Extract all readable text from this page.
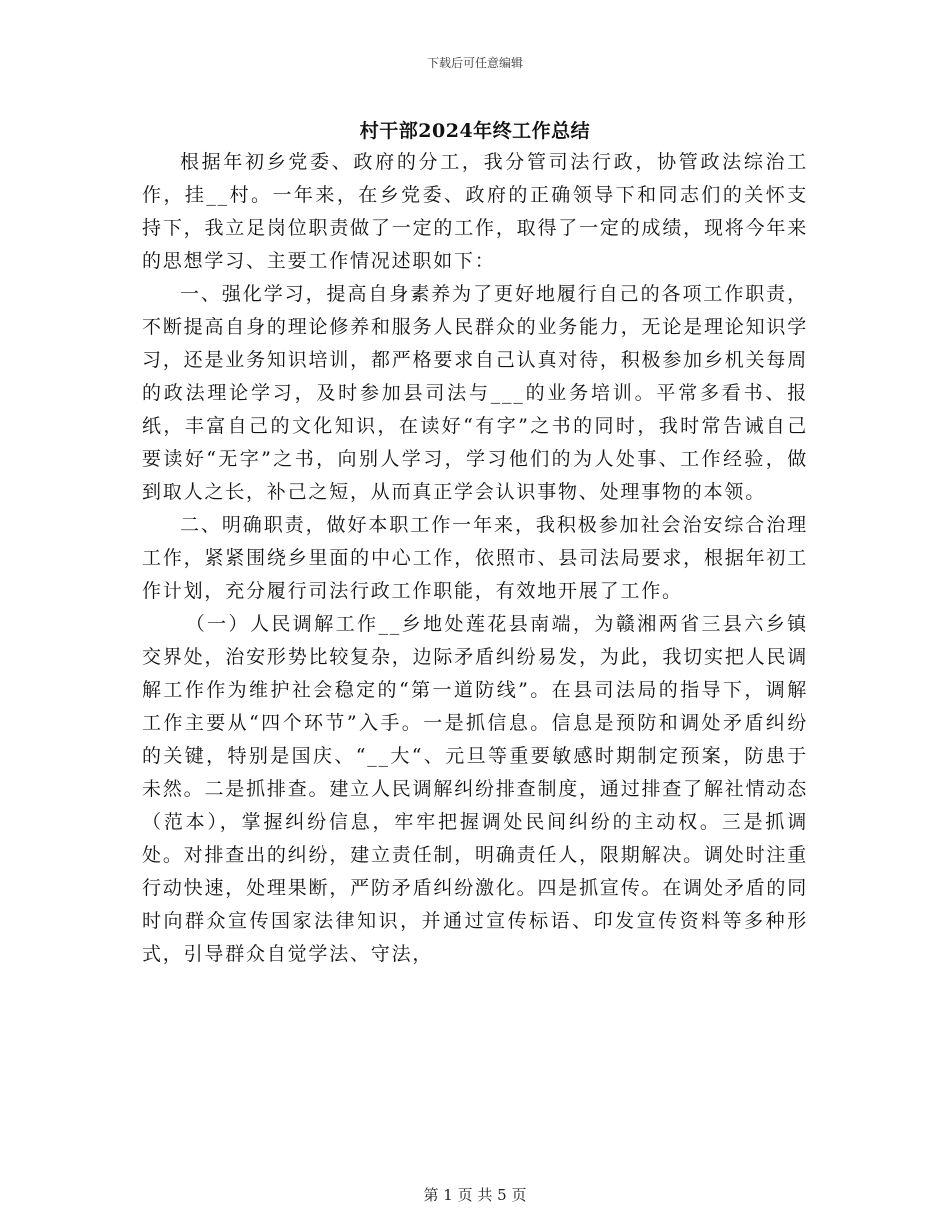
下载后可任意编辑
村干部2024年终工作总结

根据年初乡党委、政府的分工，我分管司法行政，协管政法综治工作，挂__村。一年来，在乡党委、政府的正确领导下和同志们的关怀支持下，我立足岗位职责做了一定的工作，取得了一定的成绩，现将今年来的思想学习、主要工作情况述职如下：

一、强化学习，提高自身素养为了更好地履行自己的各项工作职责，不断提高自身的理论修养和服务人民群众的业务能力，无论是理论知识学习，还是业务知识培训，都严格要求自己认真对待，积极参加乡机关每周的政法理论学习，及时参加县司法与___的业务培训。平常多看书、报纸，丰富自己的文化知识，在读好“有字”之书的同时，我时常告诫自己要读好“无字”之书，向别人学习，学习他们的为人处事、工作经验，做到取人之长，补己之短，从而真正学会认识事物、处理事物的本领。

二、明确职责，做好本职工作一年来，我积极参加社会治安综合治理工作，紧紧围绕乡里面的中心工作，依照市、县司法局要求，根据年初工作计划，充分履行司法行政工作职能，有效地开展了工作。

（一）人民调解工作__乡地处莲花县南端，为赣湘两省三县六乡镇交界处，治安形势比较复杂，边际矛盾纠纷易发，为此，我切实把人民调解工作作为维护社会稳定的“第一道防线”。在县司法局的指导下，调解工作主要从“四个环节”入手。一是抓信息。信息是预防和调处矛盾纠纷的关键，特别是国庆、“__大“、元旦等重要敏感时期制定预案，防患于未然。二是抓排查。建立人民调解纠纷排查制度，通过排查了解社情动态（范本），掌握纠纷信息，牢牢把握调处民间纠纷的主动权。三是抓调处。对排查出的纠纷，建立责任制，明确责任人，限期解决。调处时注重行动快速，处理果断，严防矛盾纠纷激化。四是抓宣传。在调处矛盾的同时向群众宣传国家法律知识，并通过宣传标语、印发宣传资料等多种形式，引导群众自觉学法、守法，

第 1 页 共 5 页
